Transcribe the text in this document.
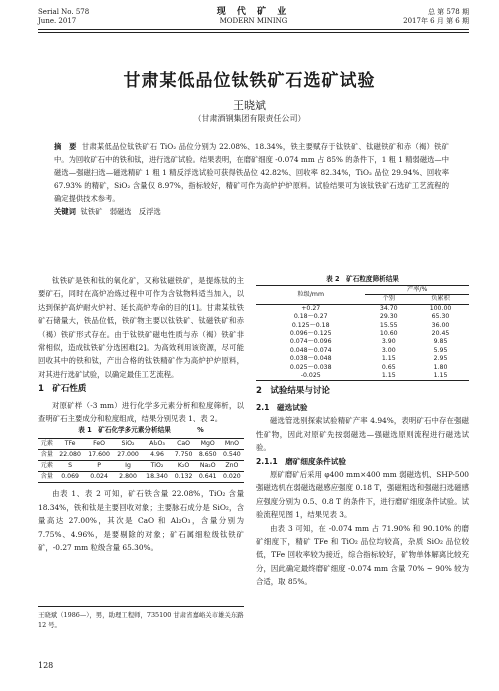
Serial No. 578
June. 2017
现 代 矿 业
MODERN MINING
总 第 578 期
2017年 6 月 第 6 期
甘肃某低品位钛铁矿石选矿试验
王晓斌
（甘肃酒钢集团有限责任公司）
摘　要 甘肃某低品位钛铁矿石 TiO₂ 品位分别为 22.08%、18.34%，铁主要赋存于钛铁矿、钛磁铁矿和赤（褐）铁矿中。为回收矿石中的铁和钛，进行选矿试验。结果表明，在磨矿细度 -0.074 mm 占 85% 的条件下，1 粗 1 精弱磁选—中磁选—强磁扫选—磁选精矿 1 粗 1 精反浮选试验可获得铁品位 42.82%、回收率 82.34%，TiO₂ 品位 29.94%、回收率 67.93% 的精矿，SiO₂ 含量仅 8.97%，指标较好，精矿可作为高炉护炉原料。试验结果可为该钛铁矿石选矿工艺流程的确定提供技术参考。
关键词 钛铁矿　弱磁选　反浮选

钛铁矿是铁和钛的氧化矿，又称钛磁铁矿，是提炼钛的主要矿石，同时在高炉冶炼过程中可作为含钛物料适当加入，以达到保护高炉耐火炉衬、延长高炉寿命的目的[1]。甘肃某钛铁矿石储量大，铁品位低，铁矿物主要以钛铁矿、钛磁铁矿和赤（褐）铁矿形式存在。由于钛铁矿磁电性质与赤（褐）铁矿非常相似，造成钛铁矿分选困难[2]。为高效利用该资源，尽可能回收其中的铁和钛，产出合格的钛铁精矿作为高炉护炉原料，对其进行选矿试验，以确定最佳工艺流程。

1　矿石性质

对原矿样（-3 mm）进行化学多元素分析和粒度筛析，以查明矿石主要成分和粒度组成，结果分别见表 1、表 2。

表 1　矿石化学多元素分析结果　　　　%
元素	TFe	FeO	SiO₂	Al₂O₃	CaO	MgO	MnO
含量	22.080	17.600	27.000	4.96	7.750	8.650	0.540
元素	S	P	Ig	TiO₂	K₂O	Na₂O	ZnO
含量	0.069	0.024	2.800	18.340	0.132	0.641	0.020

由表 1、表 2 可知，矿石铁含量 22.08%，TiO₂ 含量 18.34%，铁和钛是主要回收对象；主要脉石成分是 SiO₂，含量高达 27.00%，其次是 CaO 和 Al₂O₃，含量分别为 7.75%、4.96%，是要剔除的对象；矿石属细粒级钛铁矿矿，-0.27 mm 粒级含量 65.30%。

王晓斌（1986—），男，助理工程师，735100 甘肃省嘉峪关市雄关东路 12 号。
128
表 2　矿石粒度筛析结果
粒级/mm	产率/%	
	个别	负累积
+0.27	34.70	100.00
0.18～0.27	29.30	65.30
0.125～0.18	15.55	36.00
0.096～0.125	10.60	20.45
0.074～0.096	3.90	9.85
0.048～0.074	3.00	5.95
0.038～0.048	1.15	2.95
0.025～0.038	0.65	1.80
-0.025	1.15	1.15
2　试验结果与讨论
2.1　磁选试验

磁选管选别探索试验精矿产率 4.94%，表明矿石中存在强磁性矿物，因此对原矿先按弱磁选—强磁选原则流程进行磁选试验。

2.1.1　磨矿细度条件试验

原矿磨矿后采用 φ400 mm×400 mm 弱磁选机、SHP-500 强磁选机在弱磁选磁感应强度 0.18 T，强磁粗选和强磁扫选磁感应强度分别为 0.5、0.8 T 的条件下，进行磨矿细度条件试验。试验流程见图 1，结果见表 3。

由表 3 可知，在 -0.074 mm 占 71.90% 和 90.10% 的磨矿细度下，精矿 TFe 和 TiO₂ 品位均较高，杂质 SiO₂ 品位较低，TFe 回收率较为接近，综合指标较好，矿物单体解离比较充分，因此确定最终磨矿细度 -0.074 mm 含量 70% ~ 90% 较为合适，取 85%。
